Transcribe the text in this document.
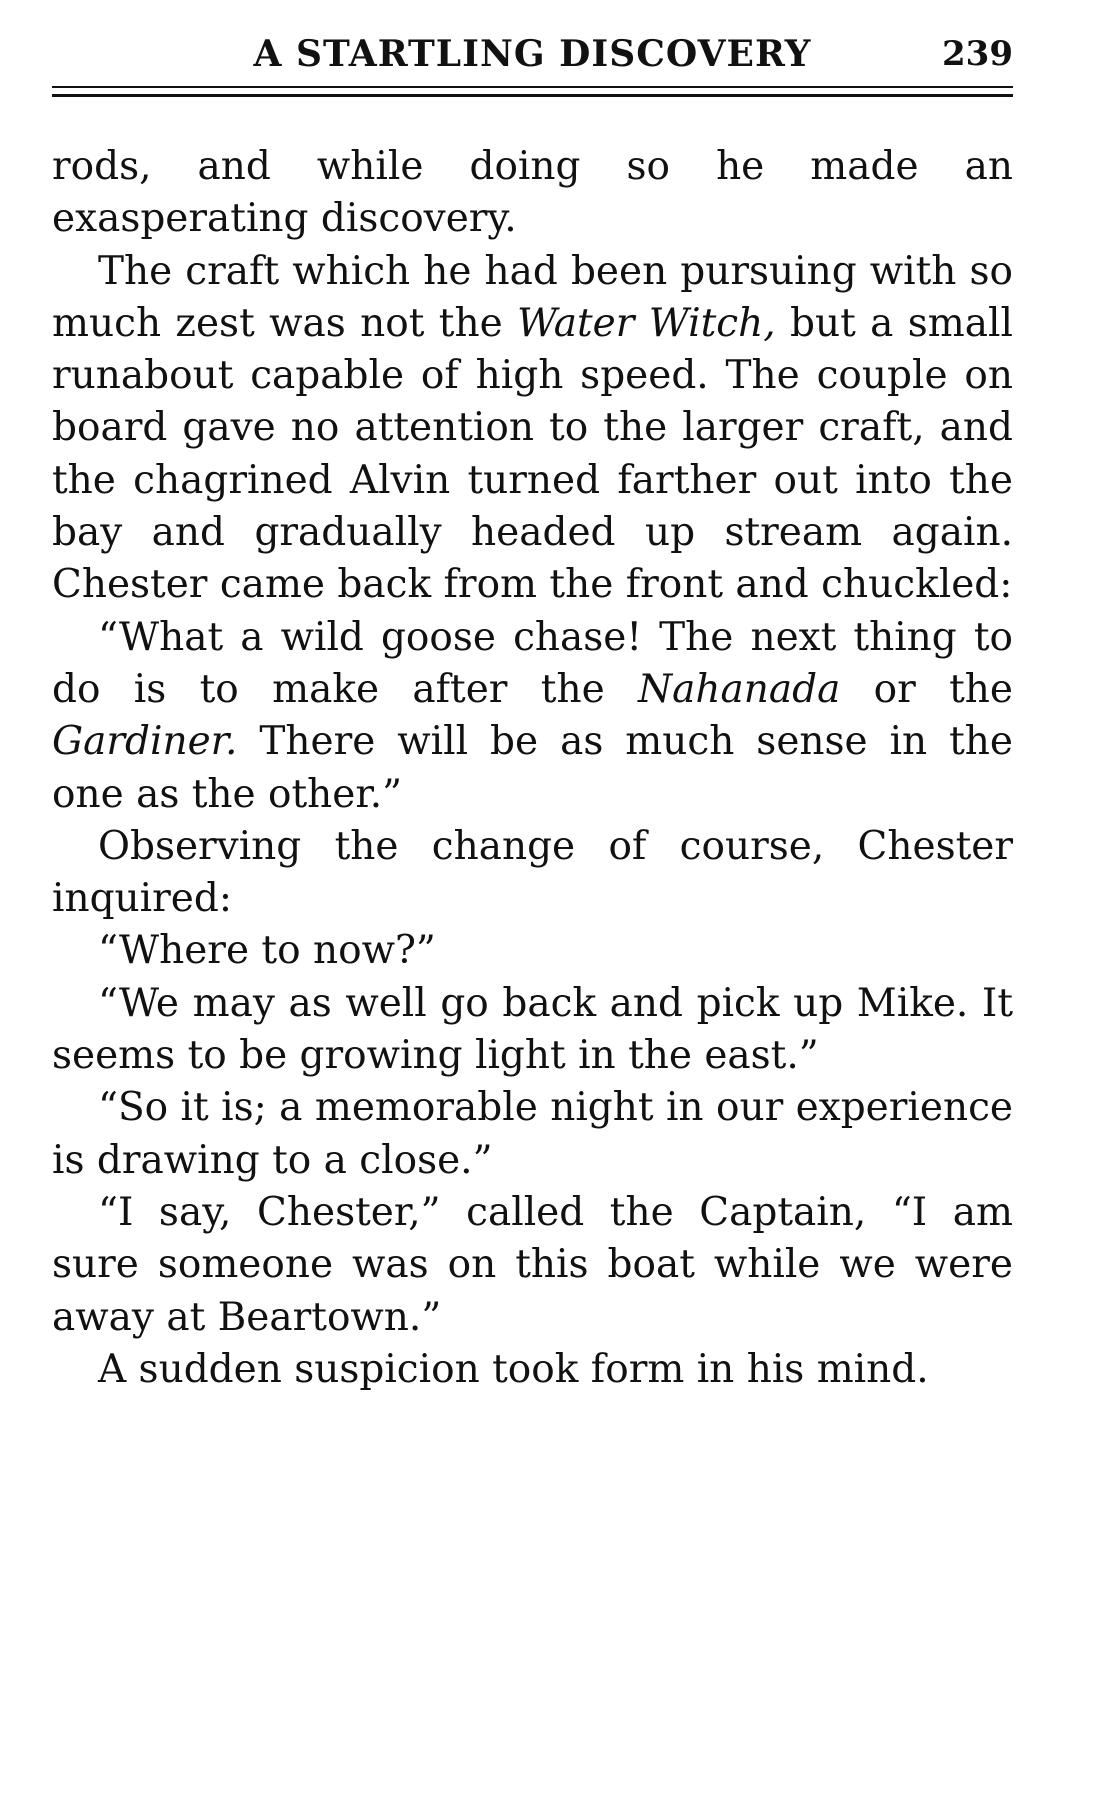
A STARTLING DISCOVERY	239

rods, and while doing so he made an exasperating discovery.

The craft which he had been pursuing with so much zest was not the Water Witch, but a small runabout capable of high speed. The couple on board gave no attention to the larger craft, and the chagrined Alvin turned farther out into the bay and gradually headed up stream again. Chester came back from the front and chuckled:

“What a wild goose chase! The next thing to do is to make after the Nahanada or the Gardiner. There will be as much sense in the one as the other.”

Observing the change of course, Chester inquired:

“Where to now?”

“We may as well go back and pick up Mike. It seems to be growing light in the east.”

“So it is; a memorable night in our experience is drawing to a close.”

“I say, Chester,” called the Captain, “I am sure someone was on this boat while we were away at Beartown.”

A sudden suspicion took form in his mind.
